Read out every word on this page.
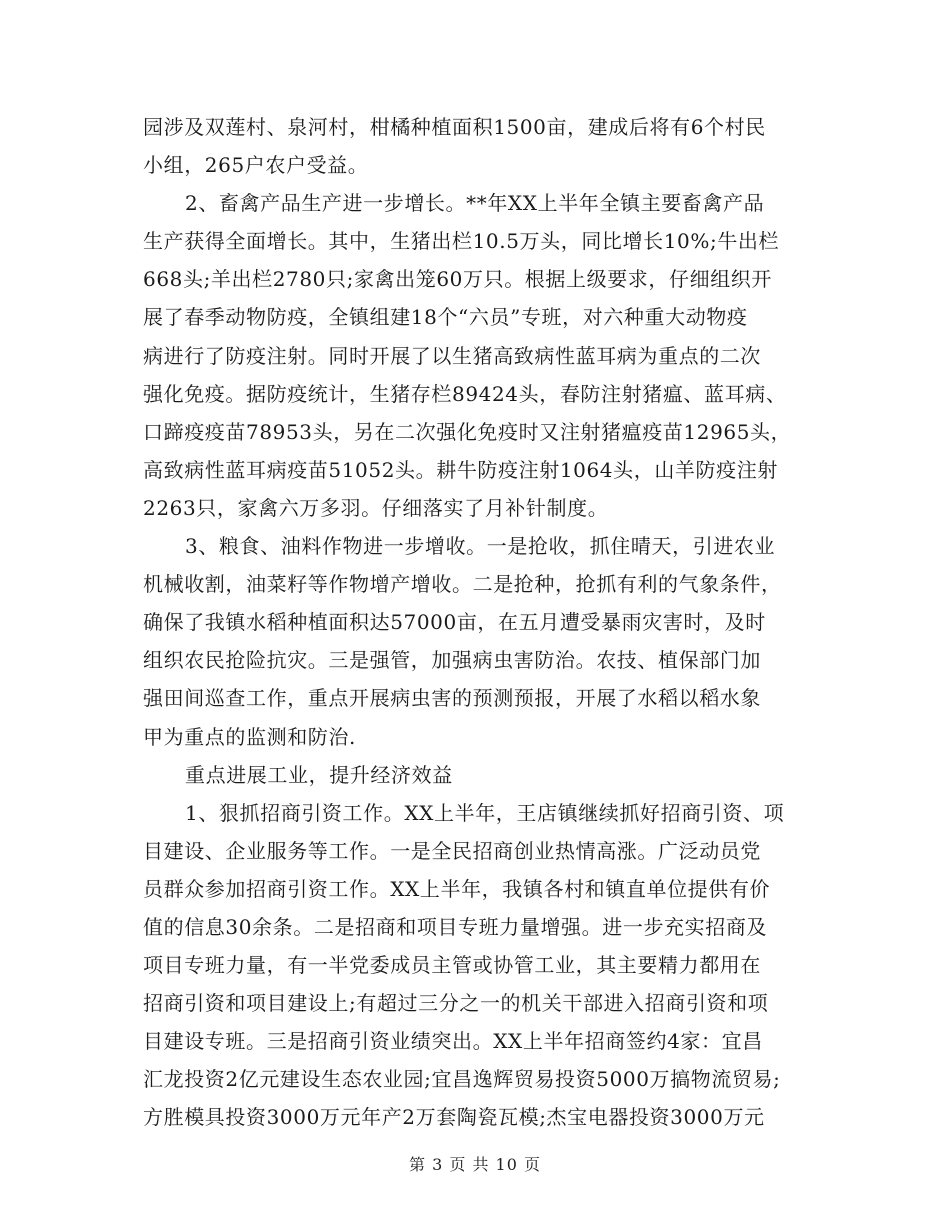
园涉及双莲村、泉河村，柑橘种植面积1500亩，建成后将有6个村民
小组，265户农户受益。
2、畜禽产品生产进一步增长。**年XX上半年全镇主要畜禽产品
生产获得全面增长。其中，生猪出栏10.5万头，同比增长10%;牛出栏
668头;羊出栏2780只;家禽出笼60万只。根据上级要求，仔细组织开
展了春季动物防疫，全镇组建18个“六员”专班，对六种重大动物疫
病进行了防疫注射。同时开展了以生猪高致病性蓝耳病为重点的二次
强化免疫。据防疫统计，生猪存栏89424头，春防注射猪瘟、蓝耳病、
口蹄疫疫苗78953头，另在二次强化免疫时又注射猪瘟疫苗12965头，
高致病性蓝耳病疫苗51052头。耕牛防疫注射1064头，山羊防疫注射
2263只，家禽六万多羽。仔细落实了月补针制度。
3、粮食、油料作物进一步增收。一是抢收，抓住晴天，引进农业
机械收割，油菜籽等作物增产增收。二是抢种，抢抓有利的气象条件，
确保了我镇水稻种植面积达57000亩，在五月遭受暴雨灾害时，及时
组织农民抢险抗灾。三是强管，加强病虫害防治。农技、植保部门加
强田间巡查工作，重点开展病虫害的预测预报，开展了水稻以稻水象
甲为重点的监测和防治.
重点进展工业，提升经济效益
1、狠抓招商引资工作。XX上半年，王店镇继续抓好招商引资、项
目建设、企业服务等工作。一是全民招商创业热情高涨。广泛动员党
员群众参加招商引资工作。XX上半年，我镇各村和镇直单位提供有价
值的信息30余条。二是招商和项目专班力量增强。进一步充实招商及
项目专班力量，有一半党委成员主管或协管工业，其主要精力都用在
招商引资和项目建设上;有超过三分之一的机关干部进入招商引资和项
目建设专班。三是招商引资业绩突出。XX上半年招商签约4家：宜昌
汇龙投资2亿元建设生态农业园;宜昌逸辉贸易投资5000万搞物流贸易;
方胜模具投资3000万元年产2万套陶瓷瓦模;杰宝电器投资3000万元
第 3 页 共 10 页
